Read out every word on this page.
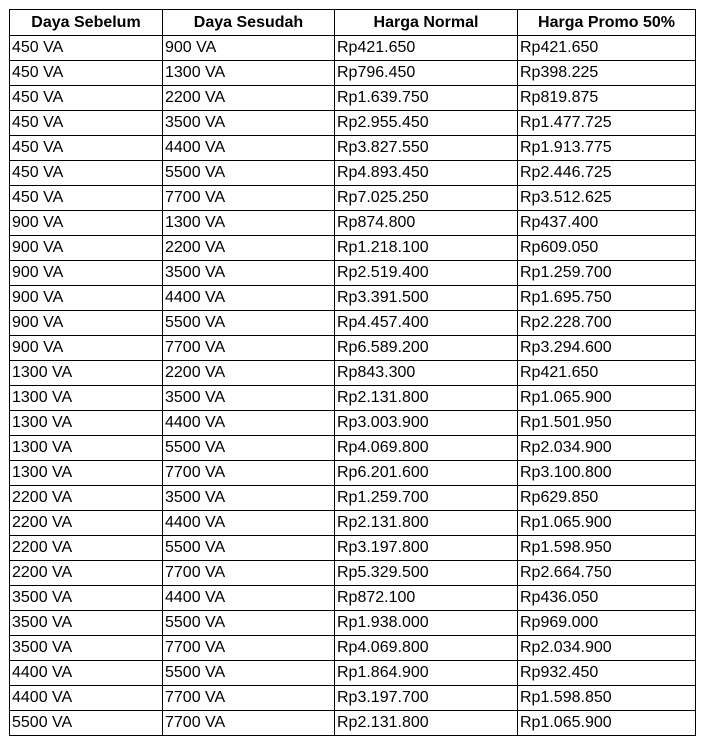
Daya Sebelum	Daya Sesudah	Harga Normal	Harga Promo 50%
450 VA	900 VA	Rp421.650	Rp421.650
450 VA	1300 VA	Rp796.450	Rp398.225
450 VA	2200 VA	Rp1.639.750	Rp819.875
450 VA	3500 VA	Rp2.955.450	Rp1.477.725
450 VA	4400 VA	Rp3.827.550	Rp1.913.775
450 VA	5500 VA	Rp4.893.450	Rp2.446.725
450 VA	7700 VA	Rp7.025.250	Rp3.512.625
900 VA	1300 VA	Rp874.800	Rp437.400
900 VA	2200 VA	Rp1.218.100	Rp609.050
900 VA	3500 VA	Rp2.519.400	Rp1.259.700
900 VA	4400 VA	Rp3.391.500	Rp1.695.750
900 VA	5500 VA	Rp4.457.400	Rp2.228.700
900 VA	7700 VA	Rp6.589.200	Rp3.294.600
1300 VA	2200 VA	Rp843.300	Rp421.650
1300 VA	3500 VA	Rp2.131.800	Rp1.065.900
1300 VA	4400 VA	Rp3.003.900	Rp1.501.950
1300 VA	5500 VA	Rp4.069.800	Rp2.034.900
1300 VA	7700 VA	Rp6.201.600	Rp3.100.800
2200 VA	3500 VA	Rp1.259.700	Rp629.850
2200 VA	4400 VA	Rp2.131.800	Rp1.065.900
2200 VA	5500 VA	Rp3.197.800	Rp1.598.950
2200 VA	7700 VA	Rp5.329.500	Rp2.664.750
3500 VA	4400 VA	Rp872.100	Rp436.050
3500 VA	5500 VA	Rp1.938.000	Rp969.000
3500 VA	7700 VA	Rp4.069.800	Rp2.034.900
4400 VA	5500 VA	Rp1.864.900	Rp932.450
4400 VA	7700 VA	Rp3.197.700	Rp1.598.850
5500 VA	7700 VA	Rp2.131.800	Rp1.065.900
